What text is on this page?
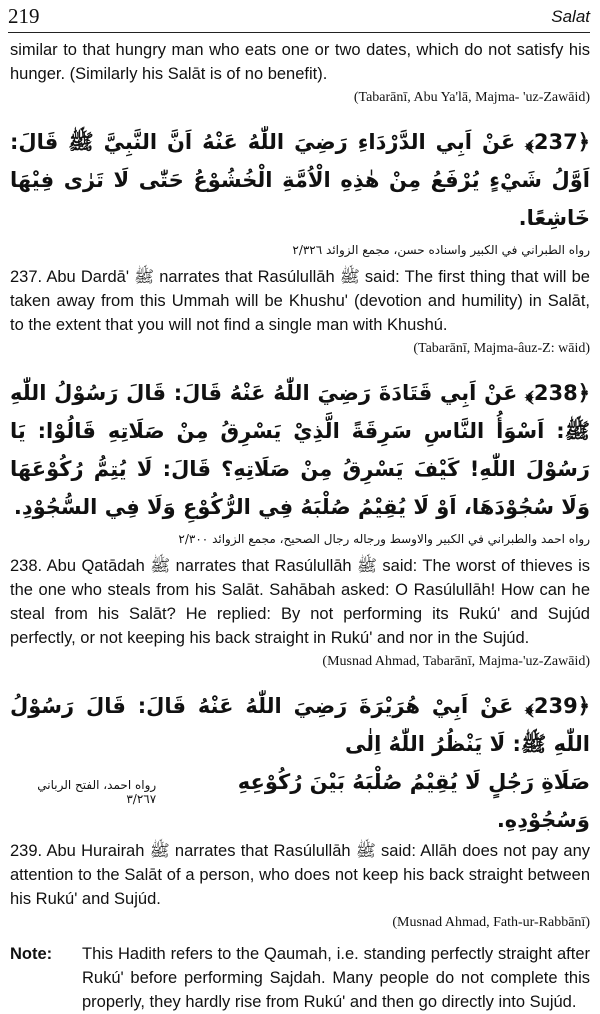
219	Salat

similar to that hungry man who eats one or two dates, which do not satisfy his hunger. (Similarly his Salāt is of no benefit).

(Tabarānī, Abu Ya'lā, Majma- 'uz-Zawāid)

﴿237﴾ عَنْ اَبِي الدَّرْدَاءِ رَضِيَ اللّٰهُ عَنْهُ اَنَّ النَّبِيَّ ﷺ قَالَ: اَوَّلُ شَيْءٍ يُرْفَعُ مِنْ هٰذِهِ الْاُمَّةِ الْخُشُوْعُ حَتّٰى لَا تَرٰى فِيْهَا خَاشِعًا.

رواه الطبراني في الكبير واسناده حسن، مجمع الزوائد ٢/٣٢٦

237. Abu Dardā' ﷺ narrates that Rasúlullāh ﷺ said: The first thing that will be taken away from this Ummah will be Khushu' (devotion and humility) in Salāt, to the extent that you will not find a single man with Khushú.

(Tabarānī, Majma-âuz-Z: wāid)

﴿238﴾ عَنْ اَبِي قَتَادَةَ رَضِيَ اللّٰهُ عَنْهُ قَالَ: قَالَ رَسُوْلُ اللّٰهِ ﷺ: اَسْوَأُ النَّاسِ سَرِقَةً الَّذِيْ يَسْرِقُ مِنْ صَلَاتِهِ قَالُوْا: يَا رَسُوْلَ اللّٰهِ! كَيْفَ يَسْرِقُ مِنْ صَلَاتِهِ؟ قَالَ: لَا يُتِمُّ رُكُوْعَهَا وَلَا سُجُوْدَهَا، اَوْ لَا يُقِيْمُ صُلْبَهُ فِي الرُّكُوْعِ وَلَا فِي السُّجُوْدِ.

رواه احمد والطبراني في الكبير والاوسط ورجاله رجال الصحيح، مجمع الزوائد ٢/٣٠٠

238. Abu Qatādah ﷺ narrates that Rasúlullāh ﷺ said: The worst of thieves is the one who steals from his Salāt. Sahābah asked: O Rasúlullāh! How can he steal from his Salāt? He replied: By not performing its Rukú' and Sujúd perfectly, or not keeping his back straight in Rukú' and nor in the Sujúd.

(Musnad Ahmad, Tabarānī, Majma-'uz-Zawāid)

﴿239﴾ عَنْ اَبِيْ هُرَيْرَةَ رَضِيَ اللّٰهُ عَنْهُ قَالَ: قَالَ رَسُوْلُ اللّٰهِ ﷺ: لَا يَنْظُرُ اللّٰهُ اِلٰى

صَلَاةِ رَجُلٍ لَا يُقِيْمُ صُلْبَهُ بَيْنَ رُكُوْعِهِ وَسُجُوْدِهِ.
رواه احمد، الفتح الرباني ٣/٢٦٧

239. Abu Hurairah ﷺ narrates that Rasúlullāh ﷺ said: Allāh does not pay any attention to the Salāt of a person, who does not keep his back straight between his Rukú' and Sujúd.

(Musnad Ahmad, Fath-ur-Rabbānī)

Note:	This Hadith refers to the Qaumah, i.e. standing perfectly straight after Rukú' before performing Sajdah. Many people do not complete this properly, they hardly rise from Rukú' and then go directly into Sujúd.
